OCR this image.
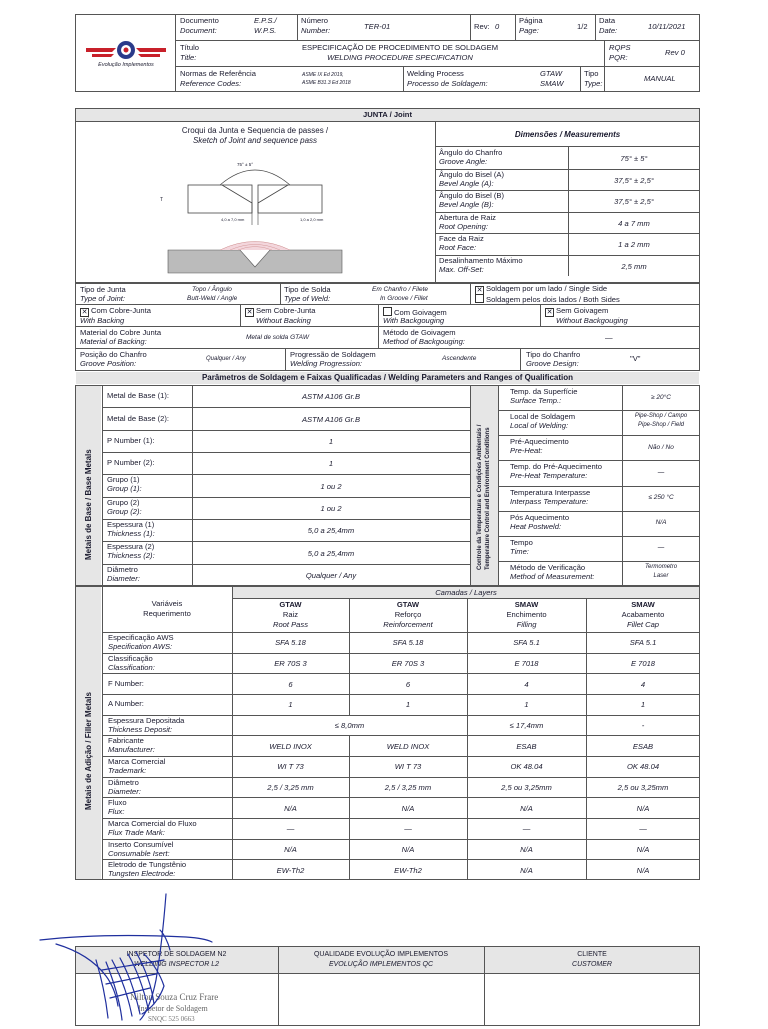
Evolução Implementos
Documento
Document:
E.P.S./
W.P.S.
Número
Number:	TER-01	Rev: 0
Página
Page:	1/2
Data
Date:	10/11/2021
Título
Title:
ESPECIFICAÇÃO DE PROCEDIMENTO DE SOLDAGEM
WELDING PROCEDURE SPECIFICATION
RQPS
PQR:
Rev 0
Normas de Referência
Reference Codes:
ASME IX Ed 2019,
ASME B31.3 Ed 2018
Welding Process
Processo de Soldagem:
GTAW
SMAW
Tipo
Type:
MANUAL
JUNTA / Joint
Croqui da Junta e Sequencia de passes /
Sketch of Joint and sequence pass
75° ± 5°
4,0 a 7,0 mm	1,0 a 2,0 mm
T
Dimensões / Measurements
Ângulo do Chanfro
Groove Angle:	75° ± 5°
Ângulo do Bisel (A)
Bevel Angle (A):	37,5° ± 2,5°
Ângulo do Bisel (B)
Bevel Angle (B):	37,5° ± 2,5°
Abertura de Raiz
Root Opening:	4 a 7 mm
Face da Raiz
Root Face:	1 a 2 mm
Desalinhamento Máximo
Max. Off-Set:	2,5 mm
Tipo de Junta
Type of Joint:
Topo / Ângulo
Butt-Weld / Angle
Tipo de Solda
Type of Weld:
Em Chanfro / Filete
In Groove / Fillet
✕ Soldagem por um lado / Single Side
Soldagem pelos dois lados / Both Sides
✕ Com Cobre-Junta
With Backing
✕ Sem Cobre-Junta
Without Backing
Com Goivagem
With Backgouging
✕ Sem Goivagem
Without Backgouging
Material do Cobre Junta
Material of Backing:	Metal de solda GTAW
Método de Goivagem
Method of Backgouging:	—
Posição do Chanfro
Groove Position:	Qualquer / Any	Progressão de Soldagem
Welding Progression:
Ascendente	Tipo do Chanfro
Groove Design:
"V"
Parâmetros de Soldagem e Faixas Qualificadas / Welding Parameters and Ranges of Qualification
Metais de Base / Base Metals	Controle da Temperatura e Condições Ambientais / Temperature Control and Environment Conditions
Metal de Base (1):	ASTM A106 Gr.B
Metal de Base (2):	ASTM A106 Gr.B
P Number (1):	1
P Number (2):	1
Grupo (1)
Group (1):	1 ou 2
Grupo (2)
Group (2):	1 ou 2
Espessura (1)
Thickness (1):	5,0 a 25,4mm
Espessura (2)
Thickness (2):	5,0 a 25,4mm
Diâmetro
Diameter:	Qualquer / Any
Temp. da Superfície
Surface Temp.:	≥ 20°C
Local de Soldagem
Local of Welding:
Pipe-Shop / Campo
Pipe-Shop / Field
Pré-Aquecimento
Pre-Heat:	Não / No
Temp. do Pré-Aquecimento
Pre-Heat Temperature:	—
Temperatura Interpasse
Interpass Temperature:	≤ 250 °C
Pós Aquecimento
Heat Postweld:	N/A
Tempo
Time:	—
Método de Verificação
Method of Measurement:
Termometro
Laser
Metais de Adição / Filler Metals
Camadas / Layers
Variáveis
Requerimento
GTAW
Raiz
Root Pass
GTAW
Reforço
Reinforcement
SMAW
Enchimento
Filling
SMAW
Acabamento
Fillet Cap
Especificação AWS
Specification AWS:	SFA 5.18	SFA 5.18	SFA 5.1	SFA 5.1
Classificação
Classification:	ER 70S 3	ER 70S 3	E 7018	E 7018
F Number:	6	6	4	4
A Number:	1	1	1	1
Espessura Depositada
Thickness Deposit:	≤ 8,0mm	≤ 17,4mm	-
Fabricante
Manufacturer:	WELD INOX	WELD INOX	ESAB	ESAB
Marca Comercial
Trademark:	WI T 73	WI T 73	OK 48.04	OK 48.04
Diâmetro
Diameter:	2,5 / 3,25 mm	2,5 / 3,25 mm	2,5 ou 3,25mm	2,5 ou 3,25mm
Fluxo
Flux:	N/A	N/A	N/A	N/A
Marca Comercial do Fluxo
Flux Trade Mark:	—	—	—	—
Inserto Consumível
Consumable Isert:	N/A	N/A	N/A	N/A
Eletrodo de Tungstênio
Tungsten Electrode:	EW-Th2	EW-Th2	N/A	N/A
INSPETOR DE SOLDAGEM N2
WELDING INSPECTOR L2
QUALIDADE EVOLUÇÃO IMPLEMENTOS
EVOLUÇÃO IMPLEMENTOS QC
CLIENTE
CUSTOMER
Nilton Souza Cruz Frare
Inspetor de Soldagem
SNQC 525 0663
